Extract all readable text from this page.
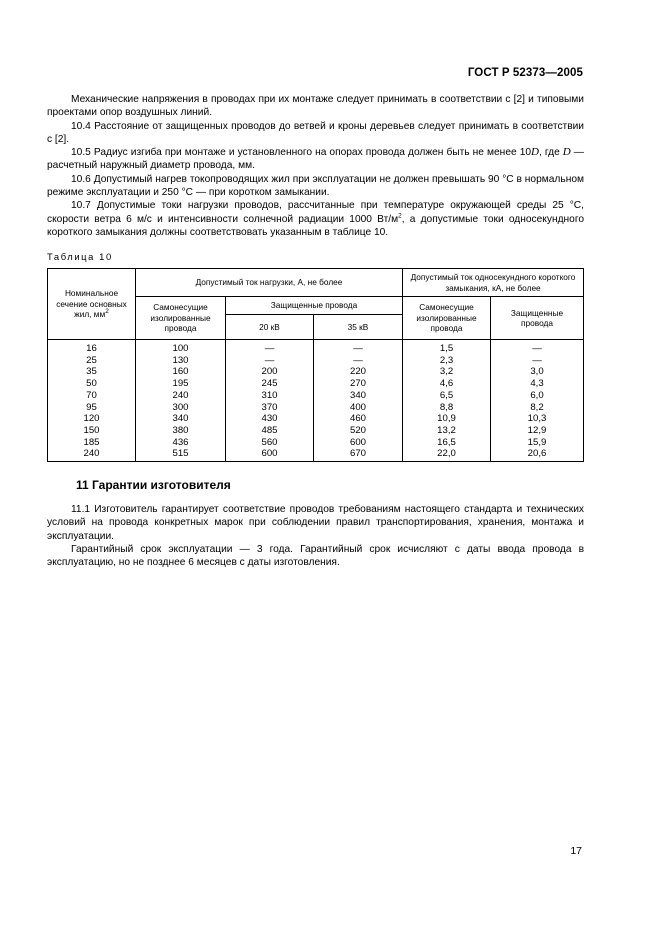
ГОСТ Р 52373—2005

Механические напряжения в проводах при их монтаже следует принимать в соответствии с [2] и типовыми проектами опор воздушных линий.

10.4 Расстояние от защищенных проводов до ветвей и кроны деревьев следует принимать в соответствии с [2].

10.5 Радиус изгиба при монтаже и установленного на опорах провода должен быть не менее 10D, где D — расчетный наружный диаметр провода, мм.

10.6 Допустимый нагрев токопроводящих жил при эксплуатации не должен превышать 90 °С в нормальном режиме эксплуатации и 250 °С — при коротком замыкании.

10.7 Допустимые токи нагрузки проводов, рассчитанные при температуре окружающей среды 25 °С, скорости ветра 6 м/с и интенсивности солнечной радиации 1000 $Вт/м^2$, а допустимые токи односекундного короткого замыкания должны соответствовать указанным в таблице 10.

Таблица 10
Номинальное сечение основных жил, $мм^2$	Допустимый ток нагрузки, А, не более			Допустимый ток односекундного короткого замыкания, кА, не более	
	Самонесущие изолированные провода	Защищенные провода		Самонесущие изолированные провода	Защищенные провода
		20 кВ	35 кВ		
16	100	—	—	1,5	—
25	130	—	—	2,3	—
35	160	200	220	3,2	3,0
50	195	245	270	4,6	4,3
70	240	310	340	6,5	6,0
95	300	370	400	8,8	8,2
120	340	430	460	10,9	10,3
150	380	485	520	13,2	12,9
185	436	560	600	16,5	15,9
240	515	600	670	22,0	20,6
11 Гарантии изготовителя

11.1 Изготовитель гарантирует соответствие проводов требованиям настоящего стандарта и технических условий на провода конкретных марок при соблюдении правил транспортирования, хранения, монтажа и эксплуатации.

Гарантийный срок эксплуатации — 3 года. Гарантийный срок исчисляют с даты ввода провода в эксплуатацию, но не позднее 6 месяцев с даты изготовления.

17
